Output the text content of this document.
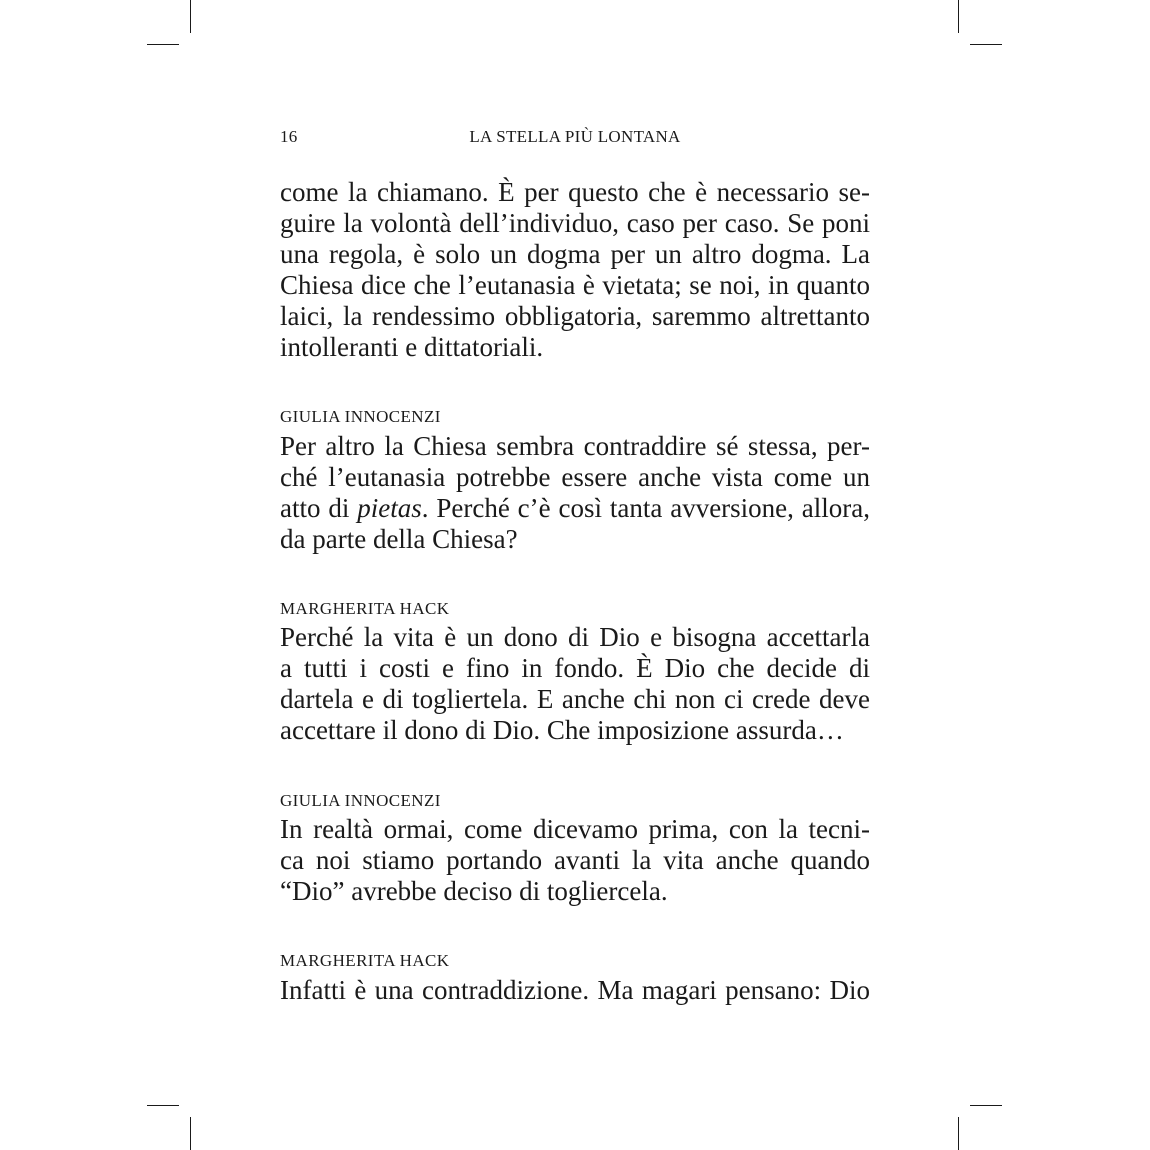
16	LA STELLA PIÙ LONTANA
come la chiamano. È per questo che è necessario se-
guire la volontà dell’individuo, caso per caso. Se poni
una regola, è solo un dogma per un altro dogma. La
Chiesa dice che l’eutanasia è vietata; se noi, in quanto
laici, la rendessimo obbligatoria, saremmo altrettanto
intolleranti e dittatoriali.
GIULIA INNOCENZI
Per altro la Chiesa sembra contraddire sé stessa, per-
ché l’eutanasia potrebbe essere anche vista come un
atto di pietas. Perché c’è così tanta avversione, allora,
da parte della Chiesa?
MARGHERITA HACK
Perché la vita è un dono di Dio e bisogna accettarla
a tutti i costi e fino in fondo. È Dio che decide di
dartela e di togliertela. E anche chi non ci crede deve
accettare il dono di Dio. Che imposizione assurda…
GIULIA INNOCENZI
In realtà ormai, come dicevamo prima, con la tecni-
ca noi stiamo portando avanti la vita anche quando
“Dio” avrebbe deciso di togliercela.
MARGHERITA HACK
Infatti è una contraddizione. Ma magari pensano: Dio
